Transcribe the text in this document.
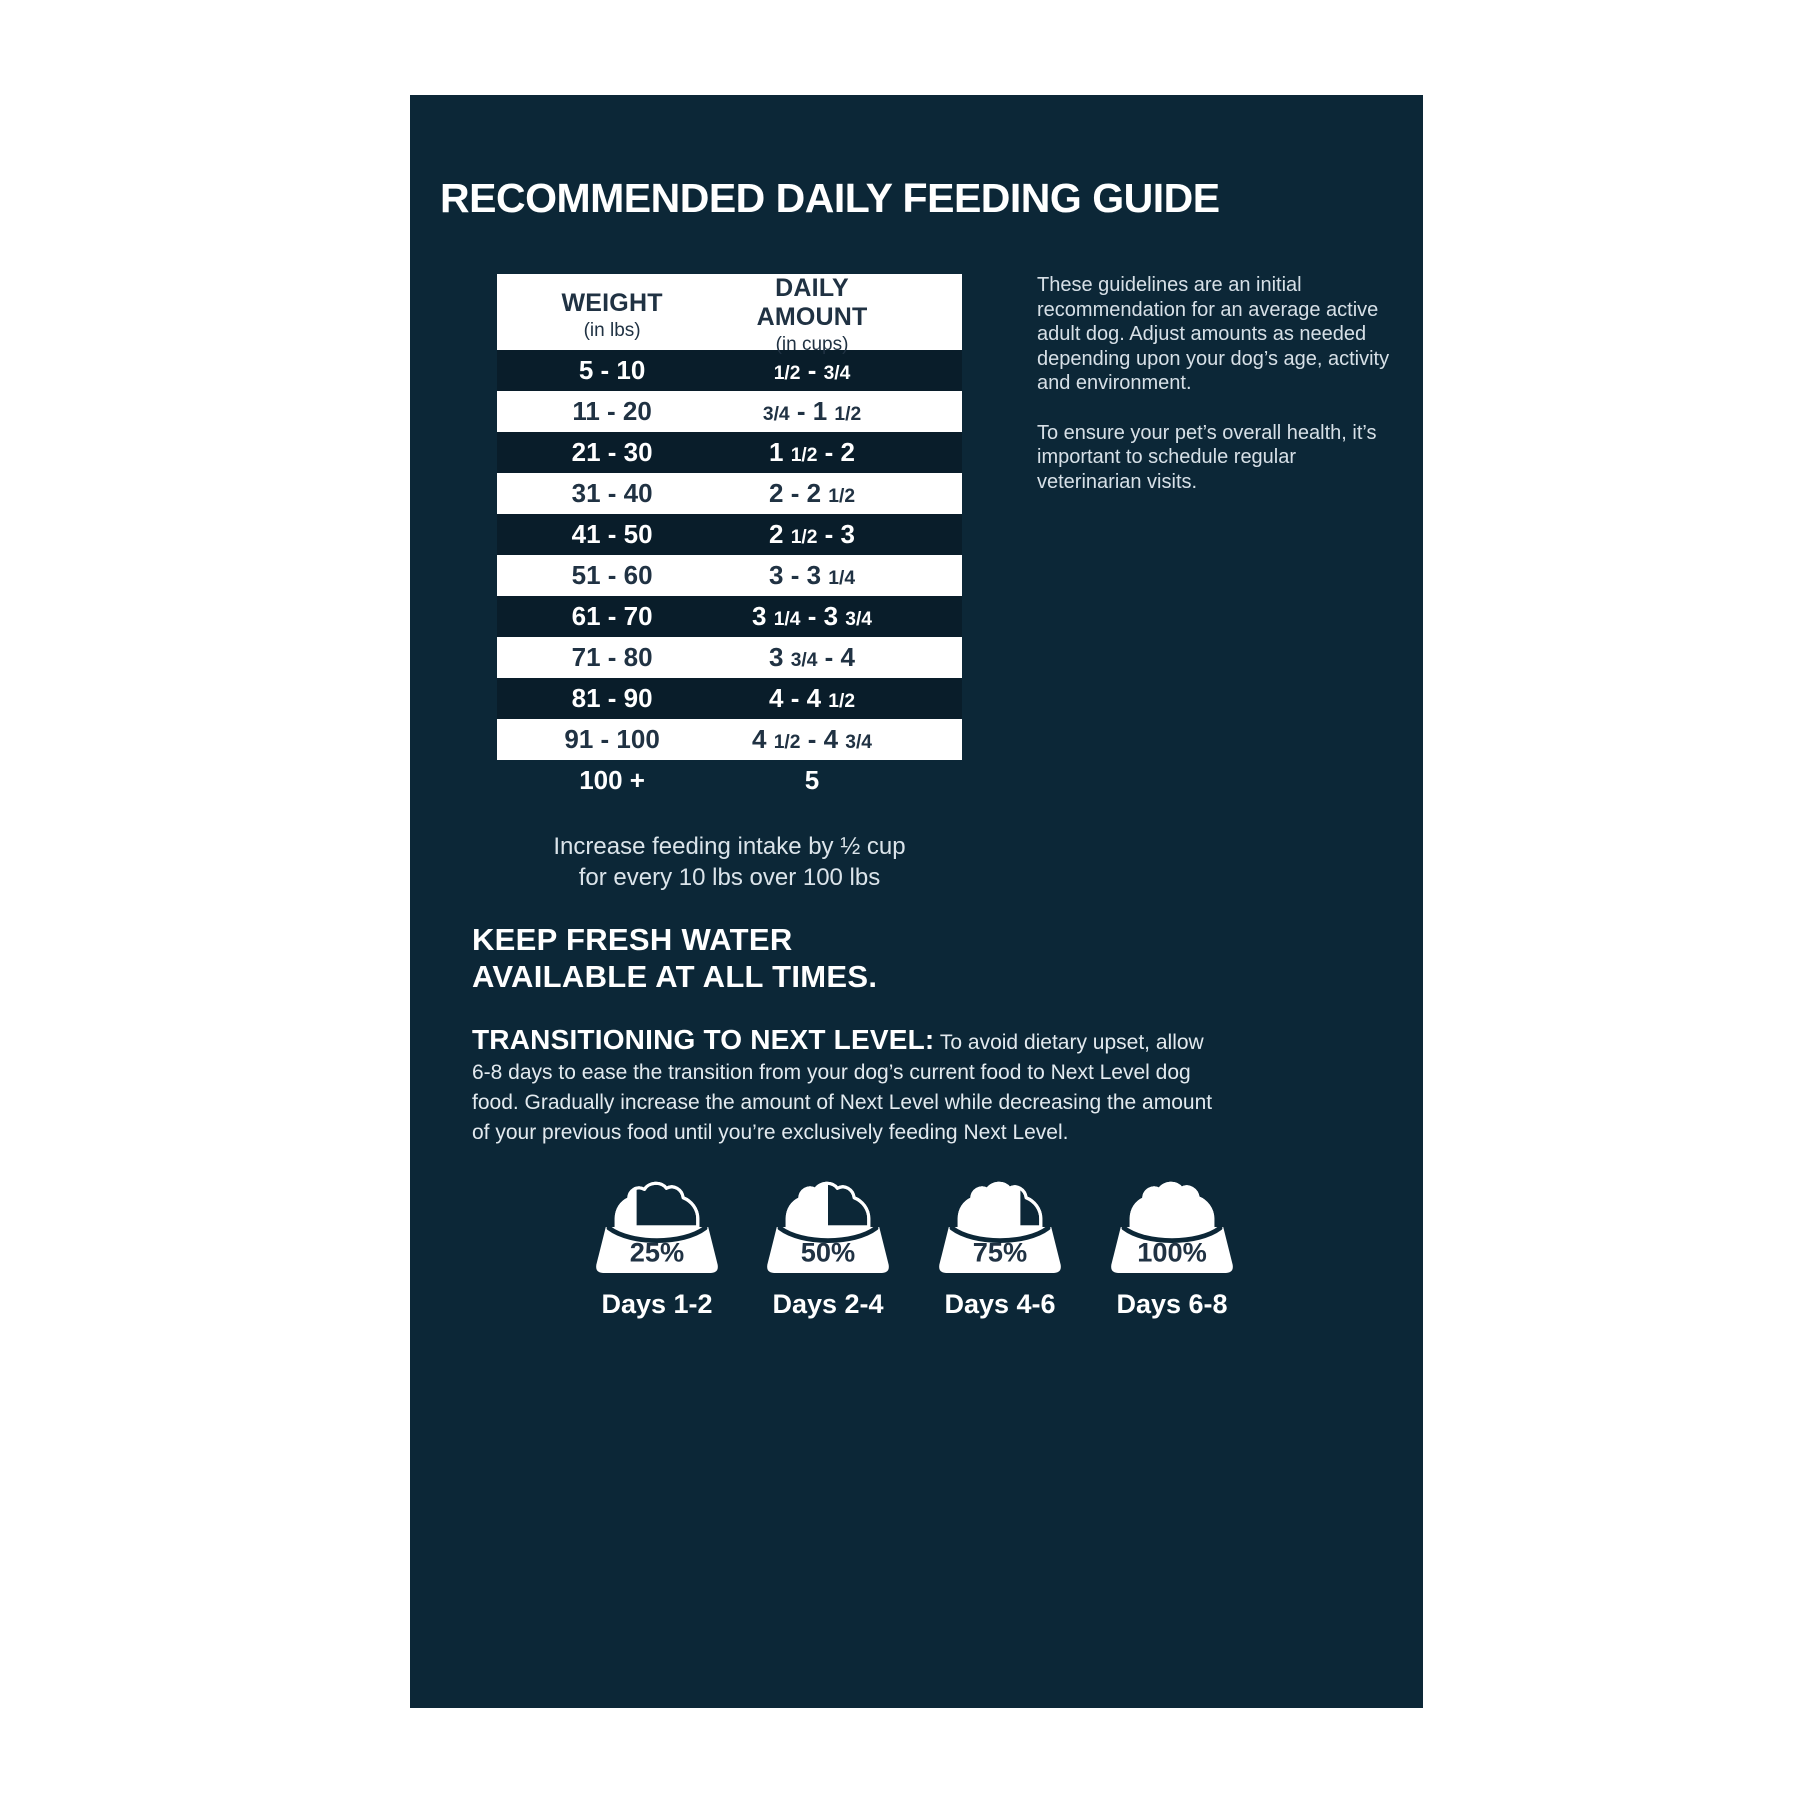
RECOMMENDED DAILY FEEDING GUIDE
WEIGHT
(in lbs)
DAILY AMOUNT
(in cups)
5 - 10	1/2 - 3/4
11 - 20	3/4 - 1 1/2
21 - 30	1 1/2 - 2
31 - 40	2 - 2 1/2
41 - 50	2 1/2 - 3
51 - 60	3 - 3 1/4
61 - 70	3 1/4 - 3 3/4
71 - 80	3 3/4 - 4
81 - 90	4 - 4 1/2
91 - 100	4 1/2 - 4 3/4
100 +	5
Increase feeding intake by ½ cup
for every 10 lbs over 100 lbs

These guidelines are an initial recommendation for an average active adult dog. Adjust amounts as needed depending upon your dog’s age, activity and environment.

To ensure your pet’s overall health, it’s important to schedule regular veterinarian visits.

KEEP FRESH WATER
AVAILABLE AT ALL TIMES.

TRANSITIONING TO NEXT LEVEL: To avoid dietary upset, allow 6-8 days to ease the transition from your dog’s current food to Next Level dog food. Gradually increase the amount of Next Level while decreasing the amount of your previous food until you’re exclusively feeding Next Level.

25%
Days 1-2
50%
Days 2-4
75%
Days 4-6
100%
Days 6-8
